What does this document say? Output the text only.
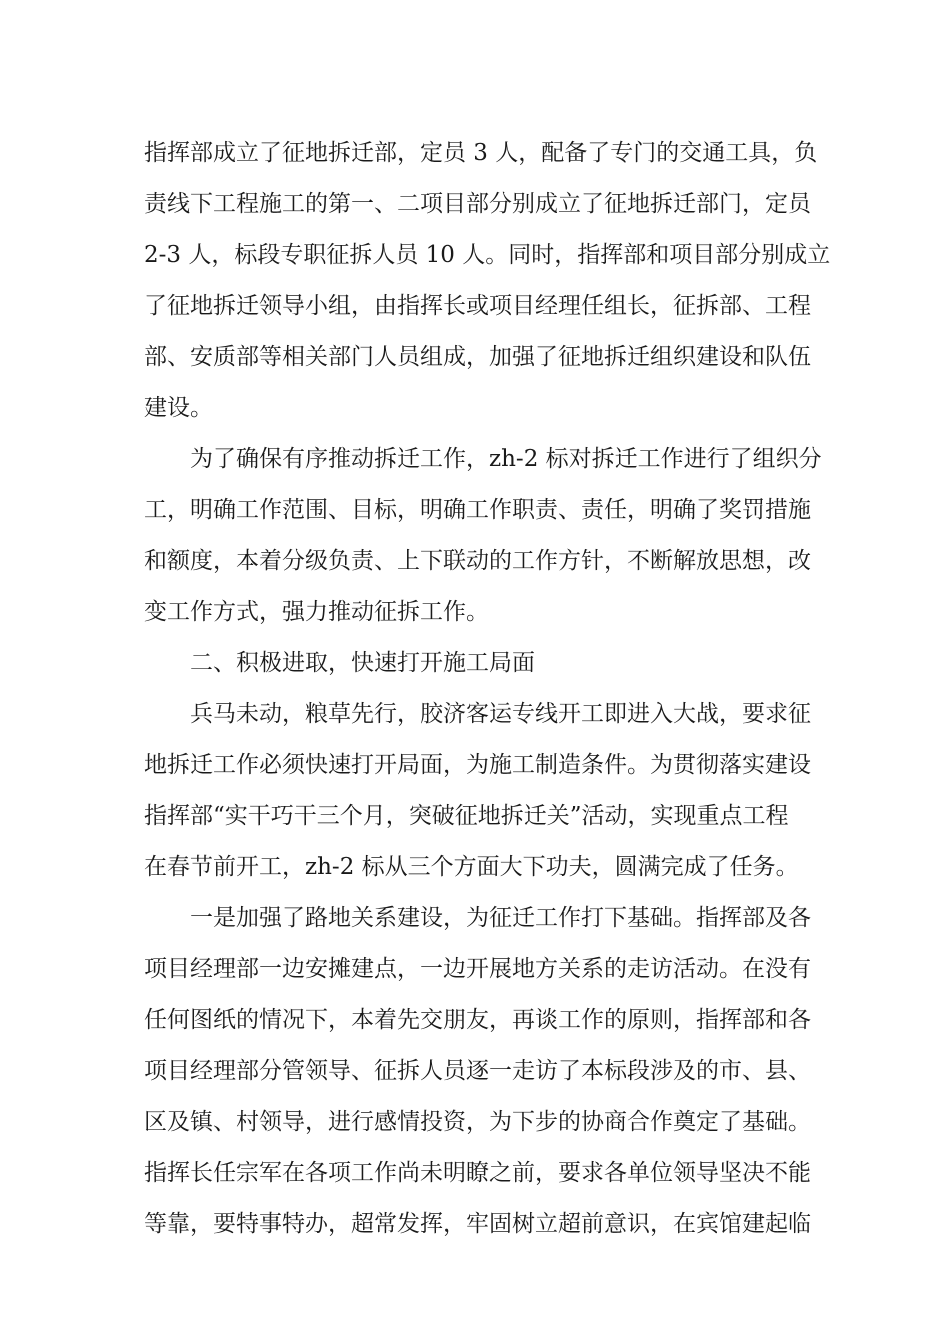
指挥部成立了征地拆迁部，定员 3 人，配备了专门的交通工具，负
责线下工程施工的第一、二项目部分别成立了征地拆迁部门，定员
2-3 人，标段专职征拆人员 10 人。同时，指挥部和项目部分别成立
了征地拆迁领导小组，由指挥长或项目经理任组长，征拆部、工程
部、安质部等相关部门人员组成，加强了征地拆迁组织建设和队伍
建设。
为了确保有序推动拆迁工作，zh-2 标对拆迁工作进行了组织分
工，明确工作范围、目标，明确工作职责、责任，明确了奖罚措施
和额度，本着分级负责、上下联动的工作方针，不断解放思想，改
变工作方式，强力推动征拆工作。
二、积极进取，快速打开施工局面
兵马未动，粮草先行，胶济客运专线开工即进入大战，要求征
地拆迁工作必须快速打开局面，为施工制造条件。为贯彻落实建设
指挥部“实干巧干三个月，突破征地拆迁关”活动，实现重点工程
在春节前开工，zh-2 标从三个方面大下功夫，圆满完成了任务。
一是加强了路地关系建设，为征迁工作打下基础。指挥部及各
项目经理部一边安摊建点，一边开展地方关系的走访活动。在没有
任何图纸的情况下，本着先交朋友，再谈工作的原则，指挥部和各
项目经理部分管领导、征拆人员逐一走访了本标段涉及的市、县、
区及镇、村领导，进行感情投资，为下步的协商合作奠定了基础。
指挥长任宗军在各项工作尚未明瞭之前，要求各单位领导坚决不能
等靠，要特事特办，超常发挥，牢固树立超前意识，在宾馆建起临
